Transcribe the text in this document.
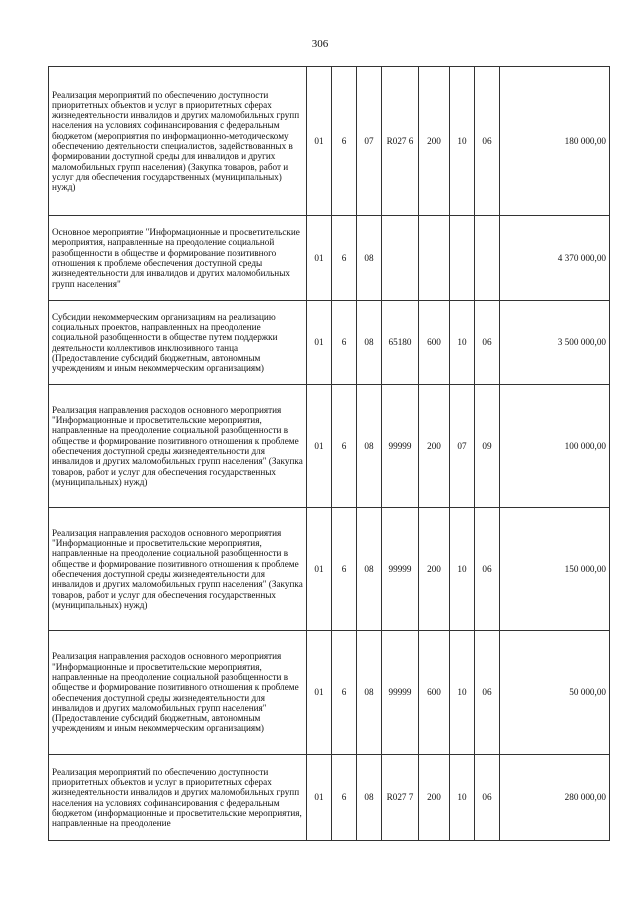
306
Реализация мероприятий по обеспечению доступности приоритетных объектов и услуг в приоритетных сферах жизнедеятельности инвалидов и других маломобильных групп населения на условиях софинансирования с федеральным бюджетом (мероприятия по информационно-методическому обеспечению деятельности специалистов, задействованных в формировании доступной среды для инвалидов и других маломобильных групп населения) (Закупка товаров, работ и услуг для обеспечения государственных (муниципальных) нужд)	01	6	07	R027 6	200	10	06	180 000,00
Основное мероприятие "Информационные и просветительские мероприятия, направленные на преодоление социальной разобщенности в обществе и формирование позитивного отношения к проблеме обеспечения доступной среды жизнедеятельности для инвалидов и других маломобильных групп населения"	01	6	08					4 370 000,00
Субсидии некоммерческим организациям на реализацию социальных проектов, направленных на преодоление социальной разобщенности в обществе путем поддержки деятельности коллективов инклюзивного танца (Предоставление субсидий бюджетным, автономным учреждениям и иным некоммерческим организациям)	01	6	08	65180	600	10	06	3 500 000,00
Реализация направления расходов основного мероприятия "Информационные и просветительские мероприятия, направленные на преодоление социальной разобщенности в обществе и формирование позитивного отношения к проблеме обеспечения доступной среды жизнедеятельности для инвалидов и других маломобильных групп населения" (Закупка товаров, работ и услуг для обеспечения государственных (муниципальных) нужд)	01	6	08	99999	200	07	09	100 000,00
Реализация направления расходов основного мероприятия "Информационные и просветительские мероприятия, направленные на преодоление социальной разобщенности в обществе и формирование позитивного отношения к проблеме обеспечения доступной среды жизнедеятельности для инвалидов и других маломобильных групп населения" (Закупка товаров, работ и услуг для обеспечения государственных (муниципальных) нужд)	01	6	08	99999	200	10	06	150 000,00
Реализация направления расходов основного мероприятия "Информационные и просветительские мероприятия, направленные на преодоление социальной разобщенности в обществе и формирование позитивного отношения к проблеме обеспечения доступной среды жизнедеятельности для инвалидов и других маломобильных групп населения" (Предоставление субсидий бюджетным, автономным учреждениям и иным некоммерческим организациям)	01	6	08	99999	600	10	06	50 000,00
Реализация мероприятий по обеспечению доступности приоритетных объектов и услуг в приоритетных сферах жизнедеятельности инвалидов и других маломобильных групп населения на условиях софинансирования с федеральным бюджетом (информационные и просветительские мероприятия, направленные на преодоление	01	6	08	R027 7	200	10	06	280 000,00
